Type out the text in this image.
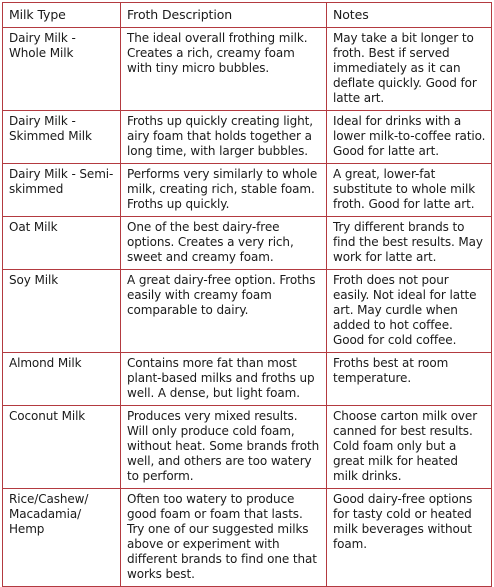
Milk Type	Froth Description	Notes
Dairy Milk - Whole Milk	The ideal overall frothing milk. Creates a rich, creamy foam with tiny micro bubbles.	May take a bit longer to froth. Best if served immediately as it can deflate quickly. Good for latte art.
Dairy Milk - Skimmed Milk	Froths up quickly creating light, airy foam that holds together a long time, with larger bubbles.	Ideal for drinks with a lower milk-to-coffee ratio. Good for latte art.
Dairy Milk - Semi-skimmed	Performs very similarly to whole milk, creating rich, stable foam. Froths up quickly.	A great, lower-fat substitute to whole milk froth. Good for latte art.
Oat Milk	One of the best dairy-free options. Creates a very rich, sweet and creamy foam.	Try different brands to find the best results. May work for latte art.
Soy Milk	A great dairy-free option. Froths easily with creamy foam comparable to dairy.	Froth does not pour easily. Not ideal for latte art. May curdle when added to hot coffee. Good for cold coffee.
Almond Milk	Contains more fat than most plant-based milks and froths up well. A dense, but light foam.	Froths best at room temperature.
Coconut Milk	Produces very mixed results. Will only produce cold foam, without heat. Some brands froth well, and others are too watery to perform.	Choose carton milk over canned for best results. Cold foam only but a great milk for heated milk drinks.
Rice/Cashew/ Macadamia/ Hemp	Often too watery to produce good foam or foam that lasts. Try one of our suggested milks above or experiment with different brands to find one that works best.	Good dairy-free options for tasty cold or heated milk beverages without foam.
